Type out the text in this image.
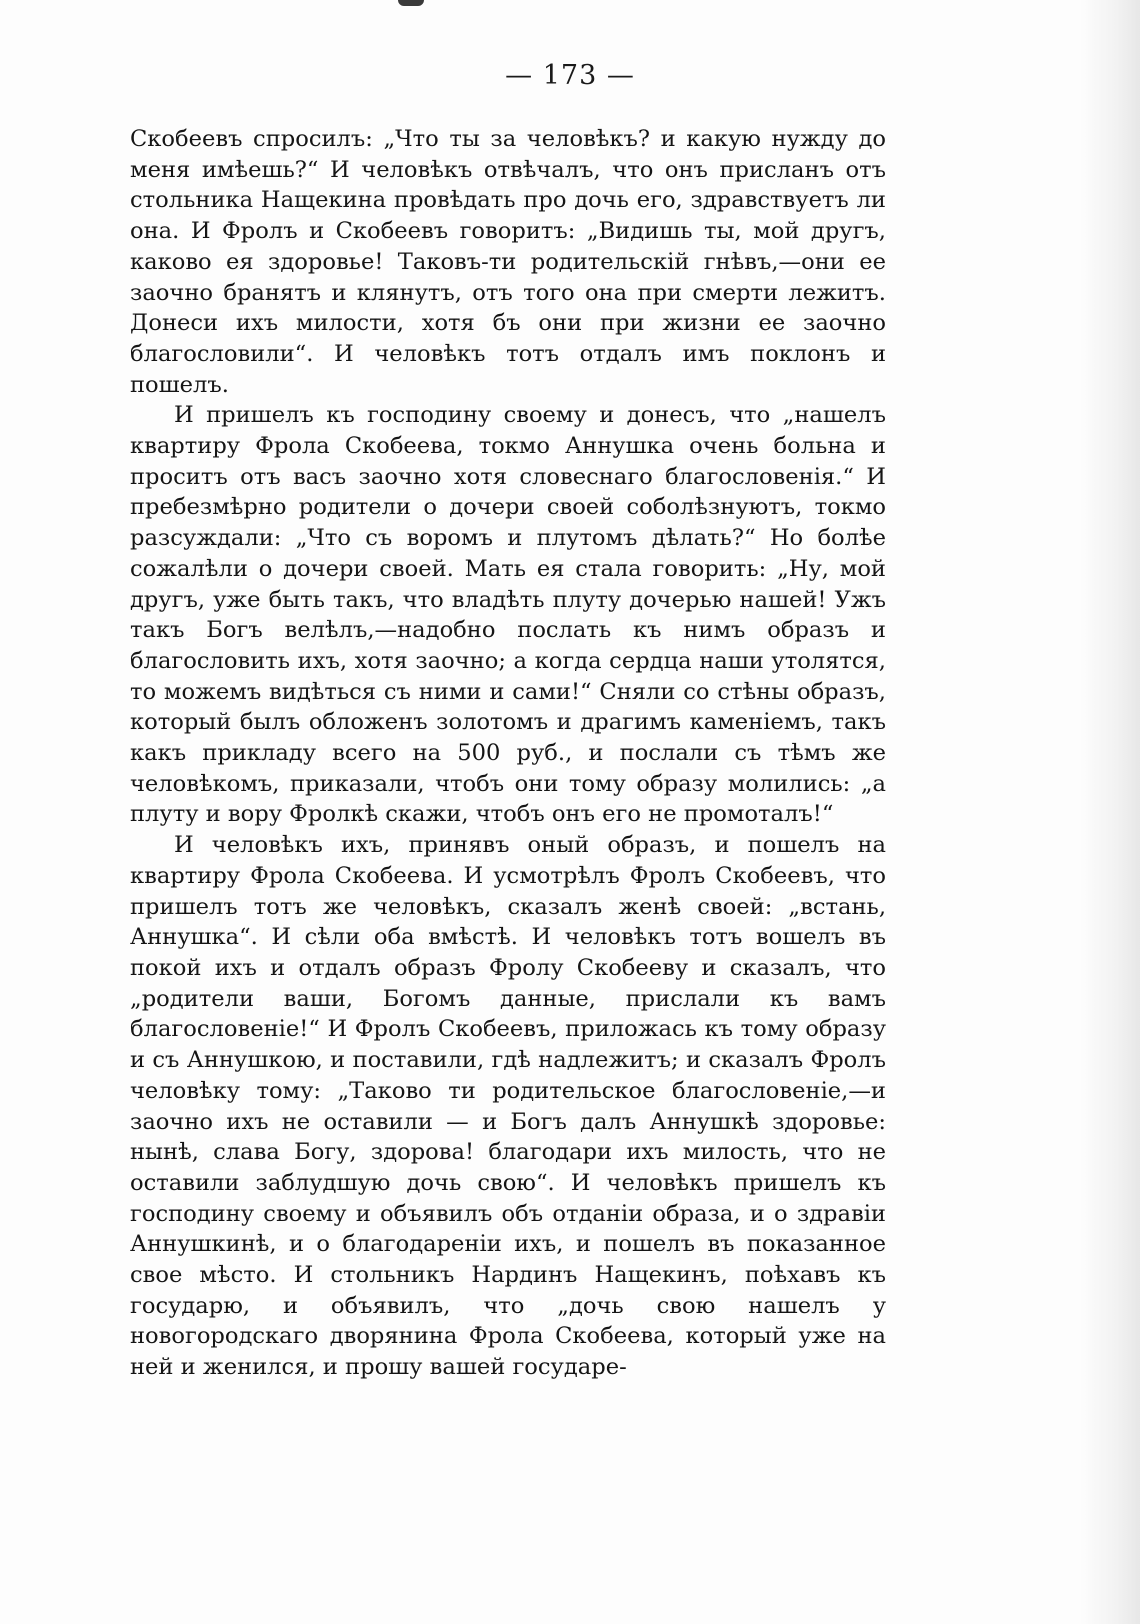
— 173 —

Скобеевъ спросилъ: „Что ты за человѣкъ? и какую нужду до меня имѣешь?“ И человѣкъ отвѣчалъ, что онъ присланъ отъ стольника Нащекина провѣдать про дочь его, здравствуетъ ли она. И Фролъ и Скобеевъ говоритъ: „Видишь ты, мой другъ, каково ея здоровье! Таковъ-ти родительскій гнѣвъ,—они ее заочно бранятъ и клянутъ, отъ того она при смерти лежитъ. Донеси ихъ милости, хотя бъ они при жизни ее заочно благословили“. И человѣкъ тотъ отдалъ имъ поклонъ и пошелъ.

И пришелъ къ господину своему и донесъ, что „нашелъ квартиру Фрола Скобеева, токмо Аннушка очень больна и проситъ отъ васъ заочно хотя словеснаго благословенія.“ И пребезмѣрно родители о дочери своей соболѣзнуютъ, токмо разсуждали: „Что съ воромъ и плутомъ дѣлать?“ Но болѣе сожалѣли о дочери своей. Мать ея стала говорить: „Ну, мой другъ, уже быть такъ, что владѣть плуту дочерью нашей! Ужъ такъ Богъ велѣлъ,—надобно послать къ нимъ образъ и благословить ихъ, хотя заочно; а когда сердца наши утолятся, то можемъ видѣться съ ними и сами!“ Сняли со стѣны образъ, который былъ обложенъ золотомъ и драгимъ каменіемъ, такъ какъ прикладу всего на 500 руб., и послали съ тѣмъ же человѣкомъ, приказали, чтобъ они тому образу молились: „а плуту и вору Фролкѣ скажи, чтобъ онъ его не промоталъ!“

И человѣкъ ихъ, принявъ оный образъ, и пошелъ на квартиру Фрола Скобеева. И усмотрѣлъ Фролъ Скобеевъ, что пришелъ тотъ же человѣкъ, сказалъ женѣ своей: „встань, Аннушка“. И сѣли оба вмѣстѣ. И человѣкъ тотъ вошелъ въ покой ихъ и отдалъ образъ Фролу Скобееву и сказалъ, что „родители ваши, Богомъ данные, прислали къ вамъ благословеніе!“ И Фролъ Скобеевъ, приложась къ тому образу и съ Аннушкою, и поставили, гдѣ надлежитъ; и сказалъ Фролъ человѣку тому: „Таково ти родительское благословеніе,—и заочно ихъ не оставили — и Богъ далъ Аннушкѣ здоровье: нынѣ, слава Богу, здорова! благодари ихъ милость, что не оставили заблудшую дочь свою“. И человѣкъ пришелъ къ господину своему и объявилъ объ отданіи образа, и о здравіи Аннушкинѣ, и о благодареніи ихъ, и пошелъ въ показанное свое мѣсто. И стольникъ Нардинъ Нащекинъ, поѣхавъ къ государю, и объявилъ, что „дочь свою нашелъ у новогородскаго дворянина Фрола Скобеева, который уже на ней и женился, и прошу вашей государе-
